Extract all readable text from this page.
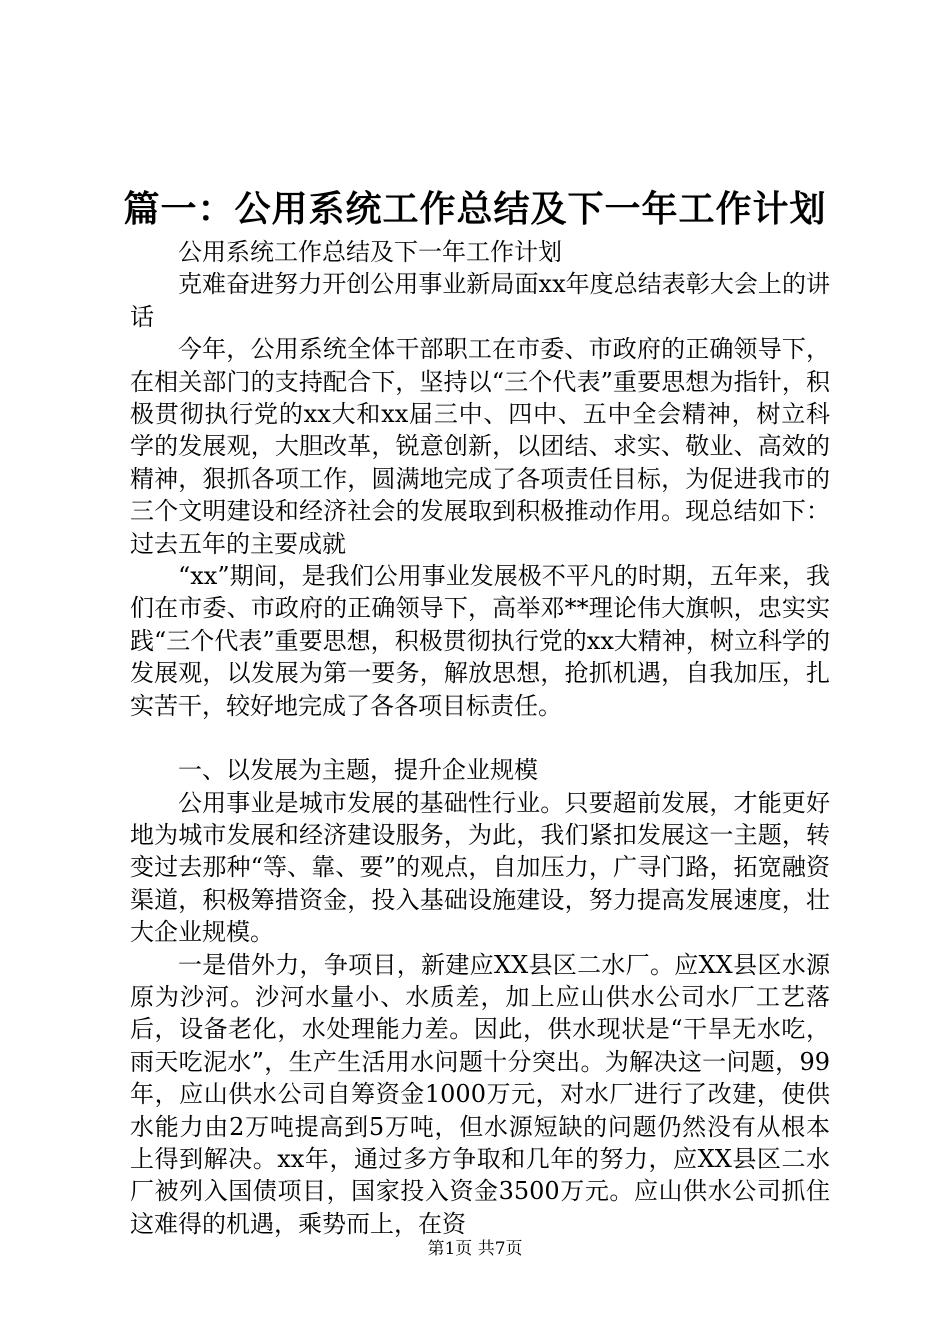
篇一：公用系统工作总结及下一年工作计划

公用系统工作总结及下一年工作计划

克难奋进努力开创公用事业新局面xx年度总结表彰大会上的讲话

今年，公用系统全体干部职工在市委、市政府的正确领导下，在相关部门的支持配合下，坚持以“三个代表”重要思想为指针，积极贯彻执行党的xx大和xx届三中、四中、五中全会精神，树立科学的发展观，大胆改革，锐意创新，以团结、求实、敬业、高效的精神，狠抓各项工作，圆满地完成了各项责任目标，为促进我市的三个文明建设和经济社会的发展取到积极推动作用。现总结如下：过去五年的主要成就

“xx”期间，是我们公用事业发展极不平凡的时期，五年来，我们在市委、市政府的正确领导下，高举邓**理论伟大旗帜，忠实实践“三个代表”重要思想，积极贯彻执行党的xx大精神，树立科学的发展观，以发展为第一要务，解放思想，抢抓机遇，自我加压，扎实苦干，较好地完成了各各项目标责任。

一、以发展为主题，提升企业规模

公用事业是城市发展的基础性行业。只要超前发展，才能更好地为城市发展和经济建设服务，为此，我们紧扣发展这一主题，转变过去那种“等、靠、要”的观点，自加压力，广寻门路，拓宽融资渠道，积极筹措资金，投入基础设施建设，努力提高发展速度，壮大企业规模。

一是借外力，争项目，新建应XX县区二水厂。应XX县区水源原为沙河。沙河水量小、水质差，加上应山供水公司水厂工艺落后，设备老化，水处理能力差。因此，供水现状是“干旱无水吃，雨天吃泥水”，生产生活用水问题十分突出。为解决这一问题，99年，应山供水公司自筹资金1000万元，对水厂进行了改建，使供水能力由2万吨提高到5万吨，但水源短缺的问题仍然没有从根本上得到解决。xx年，通过多方争取和几年的努力，应XX县区二水厂被列入国债项目，国家投入资金3500万元。应山供水公司抓住这难得的机遇，乘势而上，在资

第1页 共7页
